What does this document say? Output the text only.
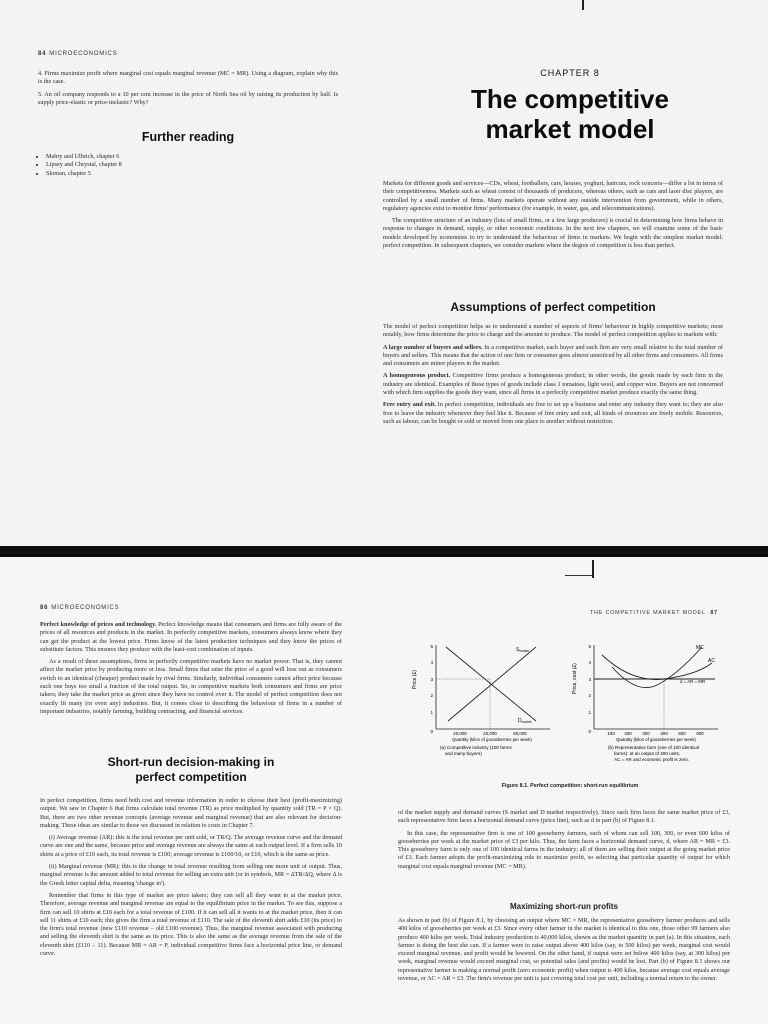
84 MICROECONOMICS

4. Firms maximize profit where marginal cost equals marginal revenue (MC = MR). Using a diagram, explain why this is the case.

5. An oil company responds to a 10 per cent increase in the price of North Sea oil by raising its production by half. Is supply price-elastic or price-inelastic? Why?

Further reading
• Mabry and Ulbrich, chapter 6
• Lipsey and Chrystal, chapter 8
• Sloman, chapter 5
CHAPTER 8
The competitive
market model

Markets for different goods and services—CDs, wheat, footballers, cars, houses, yoghurt, haircuts, rock concerts—differ a lot in terms of their competitiveness. Markets such as wheat consist of thousands of producers, whereas others, such as cars and laser disc players, are controlled by a small number of firms. Many markets operate without any outside intervention from government, while in others, regulatory agencies exist to monitor firms' performance (for example, in water, gas, and telecommunications).

The competitive structure of an industry (lots of small firms, or a few large producers) is crucial in determining how firms behave in response to changes in demand, supply, or other economic conditions. In the next few chapters, we will examine some of the basic models developed by economists to try to understand the behaviour of firms in markets. We begin with the simplest market model: perfect competition. In subsequent chapters, we consider markets where the degree of competition is less than perfect.

Assumptions of perfect competition

The model of perfect competition helps us to understand a number of aspects of firms' behaviour in highly competitive markets; most notably, how firms determine the price to charge and the amount to produce. The model of perfect competition applies to markets with:

A large number of buyers and sellers. In a competitive market, each buyer and each firm are very small relative to the total number of buyers and sellers. This means that the action of one firm or consumer goes almost unnoticed by all other firms and consumers. All firms and consumers are minor players in the market.

A homogeneous product. Competitive firms produce a homogeneous product; in other words, the goods made by each firm in the industry are identical. Examples of these types of goods include class 1 tomatoes, light wool, and copper wire. Buyers are not concerned with which firm supplies the goods they want, since all firms in a perfectly competitive market produce exactly the same thing.

Free entry and exit. In perfect competition, individuals are free to set up a business and enter any industry they want to; they are also free to leave the industry whenever they feel like it. Because of free entry and exit, all kinds of resources are freely mobile. Resources, such as labour, can be bought or sold or moved from one place to another without restriction.

86 MICROECONOMICS

Perfect knowledge of prices and technology. Perfect knowledge means that consumers and firms are fully aware of the prices of all resources and products in the market. In perfectly competitive markets, consumers always know where they can get the product at the lowest price. Firms know of the latest production techniques and they know the prices of substitute factors. This ensures they produce with the least-cost combination of inputs.

As a result of these assumptions, firms in perfectly competitive markets have no market power. That is, they cannot affect the market price by producing more or less. Small firms that raise the price of a good will lose out as consumers switch to an identical (cheaper) product made by rival firms. Similarly, individual consumers cannot affect price because each one buys too small a fraction of the total output. So, in competitive markets both consumers and firms are price takers; they take the market price as given since they have no control over it. The model of perfect competition does not exactly fit many (or even any) industries. But, it comes close to describing the behaviour of firms in a number of important industries, notably farming, building contracting, and financial services.

Short-run decision-making in
perfect competition

In perfect competition, firms need both cost and revenue information in order to choose their best (profit-maximizing) output. We saw in Chapter 6 that firms calculate total revenue (TR) as price multiplied by quantity sold (TR = P × Q). But, there are two other revenue concepts (average revenue and marginal revenue) that are also relevant for decision-making. These ideas are similar to those we discussed in relation to costs in Chapter 7.

(i) Average revenue (AR): this is the total revenue per unit sold, or TR/Q. The average revenue curve and the demand curve are one and the same, because price and average revenue are always the same at each output level. If a firm sells 10 shirts at a price of £10 each, its total revenue is £100; average revenue is £100/10, or £10, which is the same as price.

(ii) Marginal revenue (MR): this is the change in total revenue resulting from selling one more unit of output. Thus, marginal revenue is the amount added to total revenue for selling an extra unit (or in symbols, MR = ΔTR/ΔQ, where Δ is the Greek letter capital delta, meaning 'change in').

Remember that firms in this type of market are price takers; they can sell all they want to at the market price. Therefore, average revenue and marginal revenue are equal to the equilibrium price in the market. To see this, suppose a firm can sell 10 shirts at £10 each for a total revenue of £100. If it can sell all it wants to at the market price, then it can sell 11 shirts at £10 each; this gives the firm a total revenue of £110. The sale of the eleventh shirt adds £10 (its price) to the firm's total revenue (new £110 revenue – old £100 revenue). Thus, the marginal revenue associated with producing and selling the eleventh shirt is the same as its price. This is also the same as the average revenue from the sale of the eleventh shirt (£110 ÷ 11). Because MR = AR = P, individual competitive firms face a horizontal price line, or demand curve.

THE COMPETITIVE MARKET MODEL 87
Price (£)
$S_{market}$
$D_{market}$
1
2
3
4
5
0	20,000	40,000	60,000
Quantity (kilos of gooseberries per week)
(a) Competitive industry (100 farms
and many buyers)
Price, cost (£)
MC
AC
d = AR = MR
1
2
3
4
5
0	100 200 300 400 500 600
Quantity (kilos of gooseberries per week)
(b) Representative farm (one of 100 identical
farms): at an output of 400 units,
AC = AR and economic profit is zero.
Figure 8.1. Perfect competition: short-run equilibrium

of the market supply and demand curves (S market and D market respectively). Since each firm faces the same market price of £3, each representative firm faces a horizontal demand curve (price line), such as d in part (b) of Figure 8.1.

In this case, the representative firm is one of 100 gooseberry farmers, each of whom can sell 100, 300, or even 600 kilos of gooseberries per week at the market price of £3 per kilo. Thus, the farm faces a horizontal demand curve, d, where AR = MR = £3. This gooseberry farm is only one of 100 identical farms in the industry; all of them are selling their output at the going market price of £3. Each farmer adopts the profit-maximizing rule to maximize profit, so selecting that particular quantity of output for which marginal cost equals marginal revenue (MC = MR).

Maximizing short-run profits

As shown in part (b) of Figure 8.1, by choosing an output where MC = MR, the representative gooseberry farmer produces and sells 400 kilos of gooseberries per week at £3. Since every other farmer in the market is identical to this one, those other 99 farmers also produce 400 kilos per week. Total industry production is 40,000 kilos, shown as the market quantity in part (a). In this situation, each farmer is doing the best she can. If a farmer were to raise output above 400 kilos (say, to 500 kilos) per week, marginal cost would exceed marginal revenue, and profit would be lowered. On the other hand, if output were set below 400 kilos (say, at 300 kilos) per week, marginal revenue would exceed marginal cost, so potential sales (and profits) would be lost. Part (b) of Figure 8.1 shows our representative farmer is making a normal profit (zero economic profit) when output is 400 kilos, because average cost equals average revenue, or AC = AR = £3. The firm's revenue per unit is just covering total cost per unit, including a normal return to the owner.
